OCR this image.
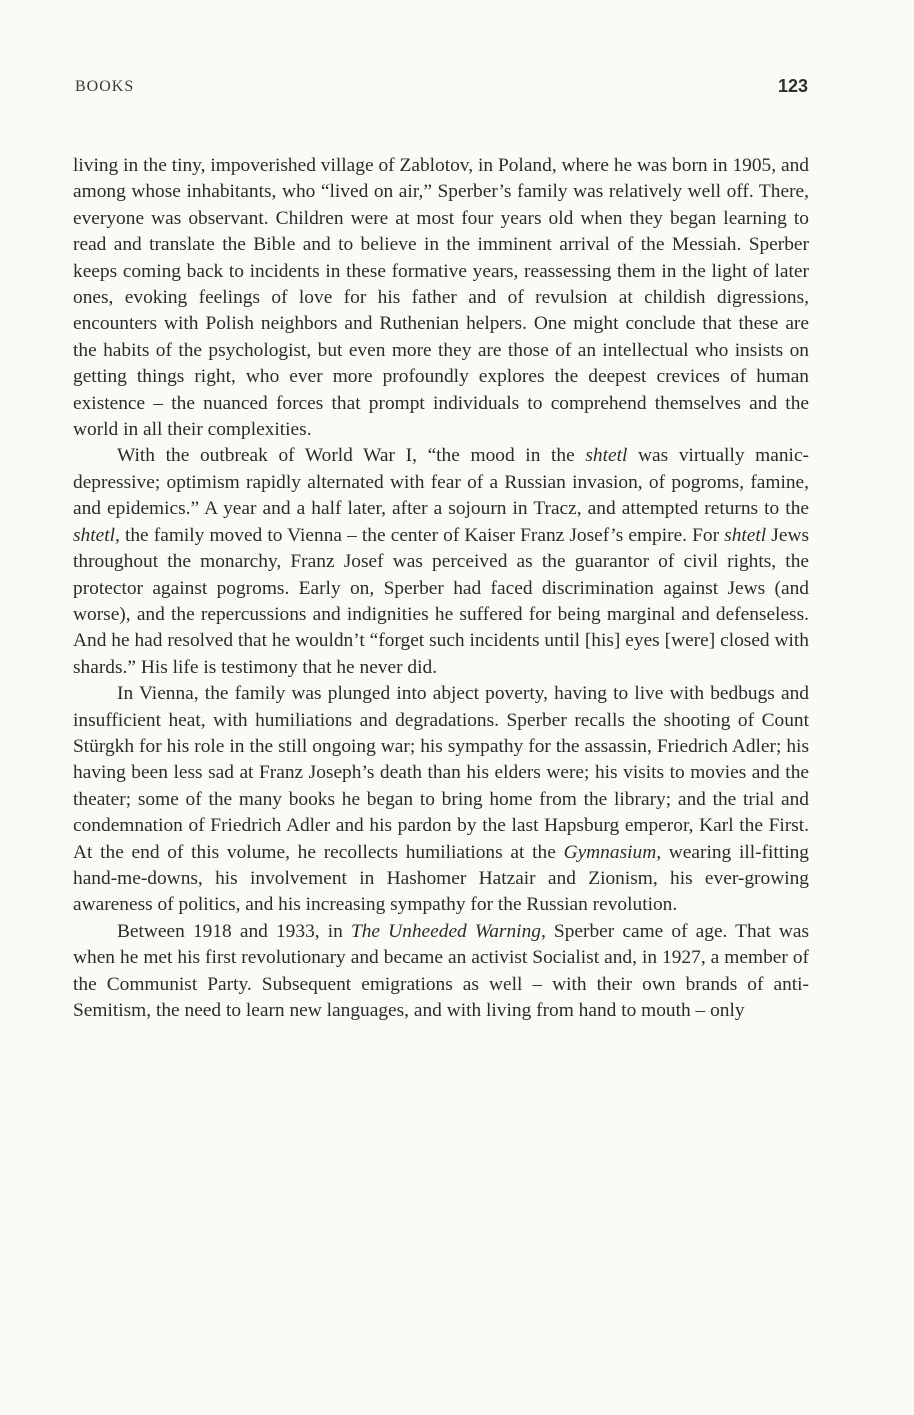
BOOKS	123

living in the tiny, impoverished village of Zablotov, in Poland, where he was born in 1905, and among whose inhabitants, who “lived on air,” Sperber’s family was relatively well off. There, everyone was observant. Children were at most four years old when they began learning to read and translate the Bible and to believe in the imminent arrival of the Messiah. Sperber keeps coming back to incidents in these formative years, reassessing them in the light of later ones, evoking feelings of love for his father and of revulsion at childish digressions, encounters with Polish neighbors and Ruthenian helpers. One might conclude that these are the habits of the psychologist, but even more they are those of an intellectual who insists on getting things right, who ever more profoundly explores the deepest crevices of human existence – the nuanced forces that prompt individuals to comprehend themselves and the world in all their complexities.

With the outbreak of World War I, “the mood in the shtetl was virtually manic-depressive; optimism rapidly alternated with fear of a Russian invasion, of pogroms, famine, and epidemics.” A year and a half later, after a sojourn in Tracz, and attempted returns to the shtetl, the family moved to Vienna – the center of Kaiser Franz Josef’s empire. For shtetl Jews throughout the monarchy, Franz Josef was perceived as the guarantor of civil rights, the protector against pogroms. Early on, Sperber had faced discrimination against Jews (and worse), and the repercussions and indignities he suffered for being marginal and defenseless. And he had resolved that he wouldn’t “forget such incidents until [his] eyes [were] closed with shards.” His life is testimony that he never did.

In Vienna, the family was plunged into abject poverty, having to live with bedbugs and insufficient heat, with humiliations and degradations. Sperber recalls the shooting of Count Stürgkh for his role in the still ongoing war; his sympathy for the assassin, Friedrich Adler; his having been less sad at Franz Joseph’s death than his elders were; his visits to movies and the theater; some of the many books he began to bring home from the library; and the trial and condemnation of Friedrich Adler and his pardon by the last Hapsburg emperor, Karl the First. At the end of this volume, he recollects humiliations at the Gymnasium, wearing ill-fitting hand-me-downs, his involvement in Hashomer Hatzair and Zionism, his ever-growing awareness of politics, and his increasing sympathy for the Russian revolution.

Between 1918 and 1933, in The Unheeded Warning, Sperber came of age. That was when he met his first revolutionary and became an activist Socialist and, in 1927, a member of the Communist Party. Subsequent emigrations as well – with their own brands of anti-Semitism, the need to learn new languages, and with living from hand to mouth – only
